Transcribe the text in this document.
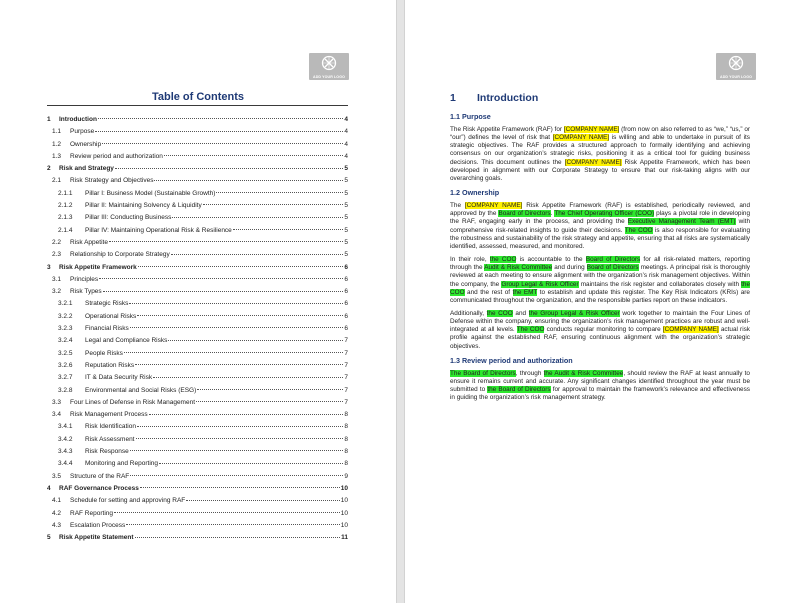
ADD YOUR LOGO
Table of Contents
1	Introduction	4
1.1	Purpose	4
1.2	Ownership	4
1.3	Review period and authorization	4
2	Risk and Strategy	5
2.1	Risk Strategy and Objectives	5
2.1.1	Pillar I: Business Model (Sustainable Growth)	5
2.1.2	Pillar II: Maintaining Solvency & Liquidity	5
2.1.3	Pillar III: Conducting Business	5
2.1.4	Pillar IV: Maintaining Operational Risk & Resilience	5
2.2	Risk Appetite	5
2.3	Relationship to Corporate Strategy	5
3	Risk Appetite Framework	6
3.1	Principles	6
3.2	Risk Types	6
3.2.1	Strategic Risks	6
3.2.2	Operational Risks	6
3.2.3	Financial Risks	6
3.2.4	Legal and Compliance Risks	7
3.2.5	People Risks	7
3.2.6	Reputation Risks	7
3.2.7	IT & Data Security Risk	7
3.2.8	Environmental and Social Risks (ESG)	7
3.3	Four Lines of Defense in Risk Management	7
3.4	Risk Management Process	8
3.4.1	Risk Identification	8
3.4.2	Risk Assessment	8
3.4.3	Risk Response	8
3.4.4	Monitoring and Reporting	8
3.5	Structure of the RAF	9
4	RAF Governance Process	10
4.1	Schedule for setting and approving RAF	10
4.2	RAF Reporting	10
4.3	Escalation Process	10
5	Risk Appetite Statement	11
ADD YOUR LOGO
1	Introduction
1.1 Purpose

The Risk Appetite Framework (RAF) for [COMPANY NAME] (from now on also referred to as “we,” “us,” or “our”) defines the level of risk that [COMPANY NAME] is willing and able to undertake in pursuit of its strategic objectives. The RAF provides a structured approach to formally identifying and achieving consensus on our organization’s strategic risks, positioning it as a critical tool for guiding business decisions. This document outlines the [COMPANY NAME] Risk Appetite Framework, which has been developed in alignment with our Corporate Strategy to ensure that our risk-taking aligns with our overarching goals.

1.2 Ownership

The [COMPANY NAME] Risk Appetite Framework (RAF) is established, periodically reviewed, and approved by the Board of Directors. The Chief Operating Officer (COO) plays a pivotal role in developing the RAF, engaging early in the process, and providing the Executive Management Team (EMT) with comprehensive risk-related insights to guide their decisions. The COO is also responsible for evaluating the robustness and sustainability of the risk strategy and appetite, ensuring that all risks are systematically identified, assessed, measured, and monitored.

In their role, the COO is accountable to the Board of Directors for all risk-related matters, reporting through the Audit & Risk Committee and during Board of Directors meetings. A principal risk is thoroughly reviewed at each meeting to ensure alignment with the organization’s risk management objectives. Within the company, the Group Legal & Risk Officer maintains the risk register and collaborates closely with the COO and the rest of the EMT to establish and update this register. The Key Risk Indicators (KRIs) are communicated throughout the organization, and the responsible parties report on these indicators.

Additionally, the COO and the Group Legal & Risk Officer work together to maintain the Four Lines of Defense within the company, ensuring the organization’s risk management practices are robust and well-integrated at all levels. The COO conducts regular monitoring to compare [COMPANY NAME] actual risk profile against the established RAF, ensuring continuous alignment with the organization’s strategic objectives.

1.3 Review period and authorization

The Board of Directors, through the Audit & Risk Committee, should review the RAF at least annually to ensure it remains current and accurate. Any significant changes identified throughout the year must be submitted to the Board of Directors for approval to maintain the framework’s relevance and effectiveness in guiding the organization’s risk management strategy.
